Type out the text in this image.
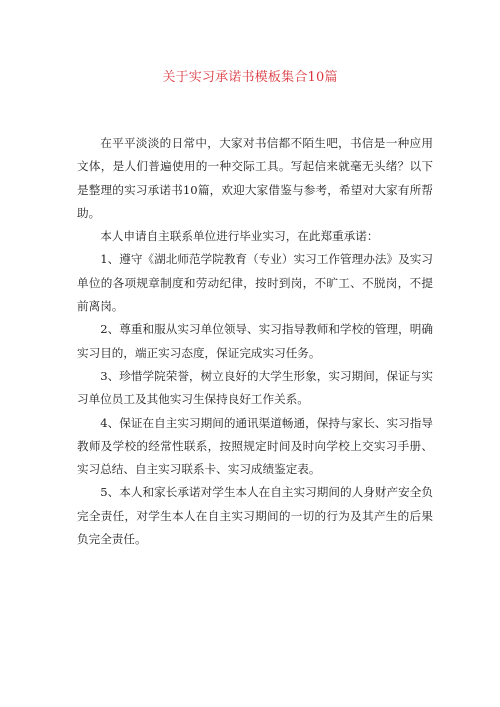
关于实习承诺书模板集合10篇

在平平淡淡的日常中，大家对书信都不陌生吧，书信是一种应用文体，是人们普遍使用的一种交际工具。写起信来就毫无头绪？以下是整理的实习承诺书10篇，欢迎大家借鉴与参考，希望对大家有所帮助。

本人申请自主联系单位进行毕业实习，在此郑重承诺：

1、遵守《湖北师范学院教育（专业）实习工作管理办法》及实习单位的各项规章制度和劳动纪律，按时到岗，不旷工、不脱岗，不提前离岗。

2、尊重和服从实习单位领导、实习指导教师和学校的管理，明确实习目的，端正实习态度，保证完成实习任务。

3、珍惜学院荣誉，树立良好的大学生形象，实习期间，保证与实习单位员工及其他实习生保持良好工作关系。

4、保证在自主实习期间的通讯渠道畅通，保持与家长、实习指导教师及学校的经常性联系，按照规定时间及时向学校上交实习手册、实习总结、自主实习联系卡、实习成绩鉴定表。

5、本人和家长承诺对学生本人在自主实习期间的人身财产安全负完全责任，对学生本人在自主实习期间的一切的行为及其产生的后果负完全责任。
